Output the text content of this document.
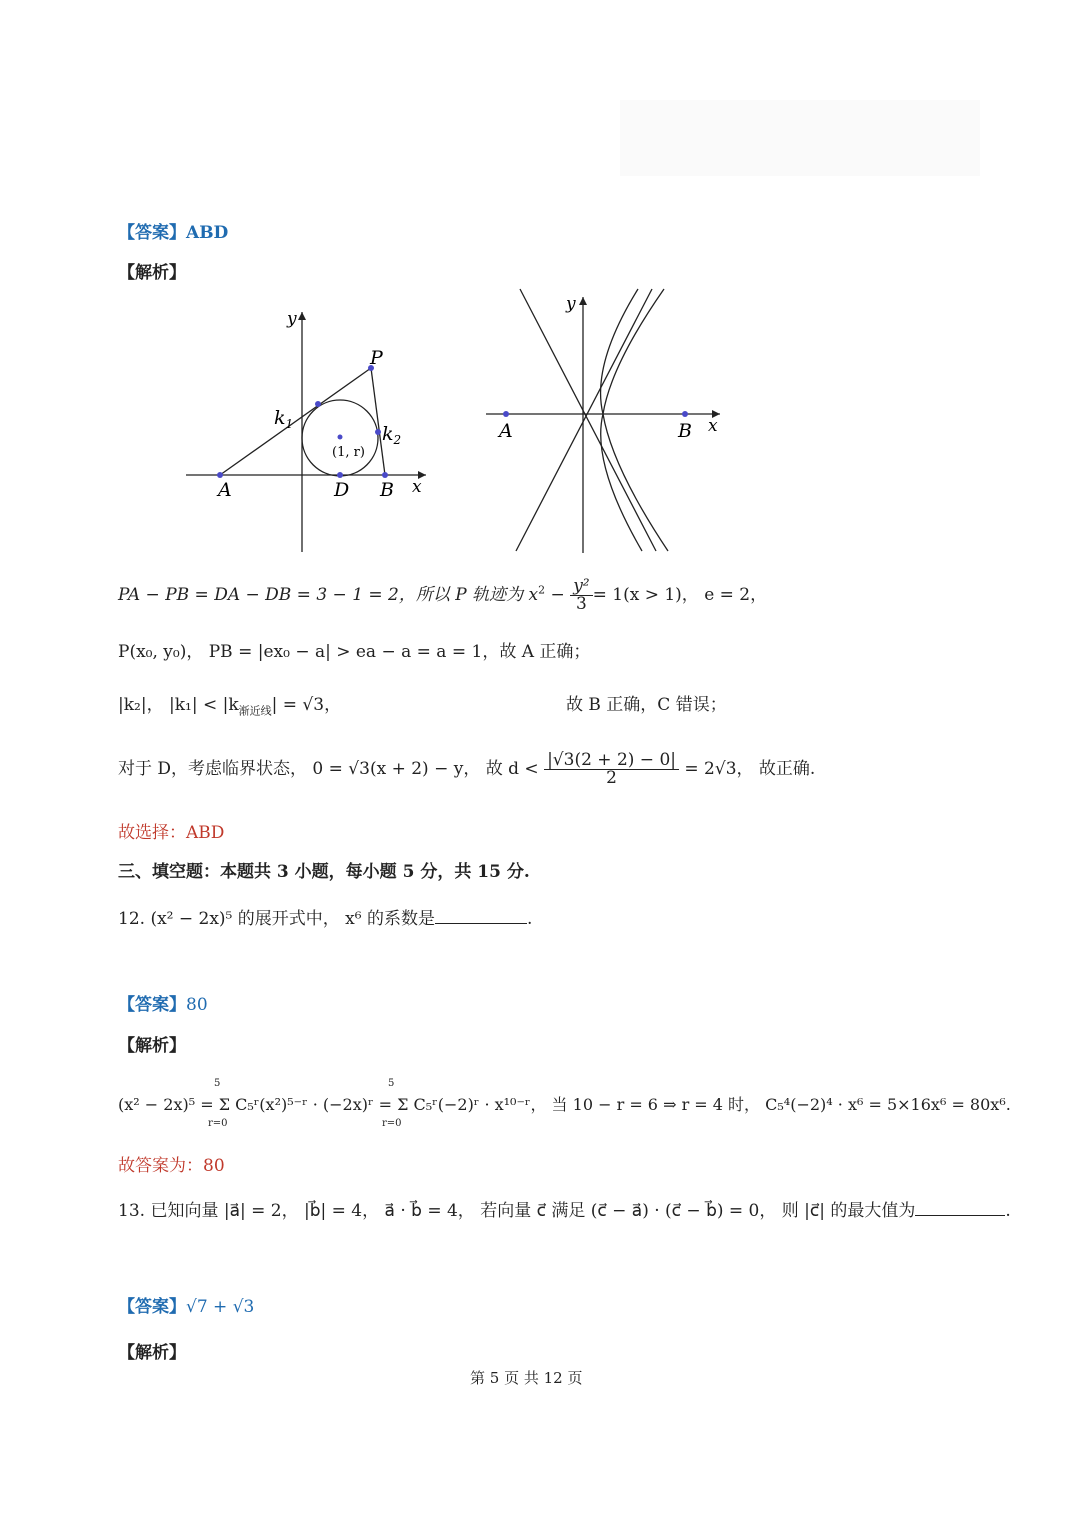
【答案】ABD
【解析】
y
x
P
$k_1$	$k_2$
A	D B
(1, r)
y
x
A	B
PA − PB = DA − DB = 3 − 1 = 2，所以 P 轨迹为 $x^2 - \frac{\text{y²}}{3} = 1(x > 1)$， e = 2，
P(x₀, y₀)， PB = |ex₀ − a| > ea − a = a = 1，故 A 正确；
|k₂|， $|k_1| < |k_{渐近线}| = √3$，	故 B 正确，C 错误；
对于 D，考虑临界状态， 0 = √3(x + 2) − y， 故 $d < \frac{|√3(2 + 2) - 0|}{2} = 2√3$， 故正确.
故选择：ABD
三、填空题：本题共 3 小题，每小题 5 分，共 15 分.
12. (x² − 2x)⁵ 的展开式中， x⁶ 的系数是	.
【答案】80
【解析】
5
r=0
5
r=0
(x² − 2x)⁵ = Σ C₅ʳ(x²)⁵⁻ʳ · (−2x)ʳ = Σ C₅ʳ(−2)ʳ · x¹⁰⁻ʳ， 当 10 − r = 6 ⇒ r = 4 时， C₅⁴(−2)⁴ · x⁶ = 5×16x⁶ = 80x⁶.
故答案为：80
13. 已知向量 |a⃗| = 2， |b⃗| = 4， a⃗ · b⃗ = 4， 若向量 c⃗ 满足 (c⃗ − a⃗) · (c⃗ − b⃗) = 0， 则 |c⃗| 的最大值为	.
【答案】√7 + √3
【解析】
第 5 页 共 12 页
